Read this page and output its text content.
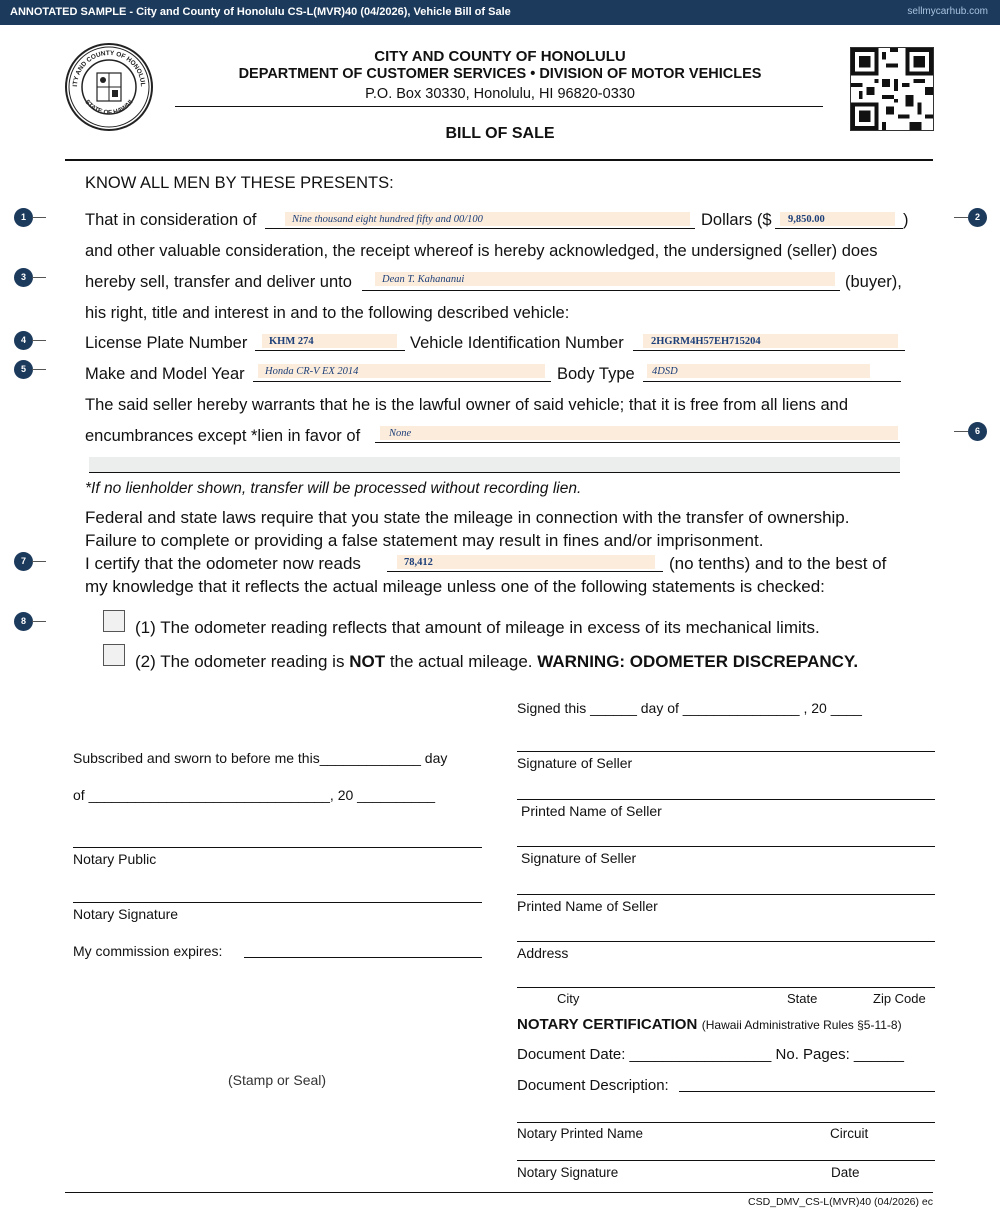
ANNOTATED SAMPLE - City and County of Honolulu CS-L(MVR)40 (04/2026), Vehicle Bill of Sale	sellmycarhub.com
ITY AND COUNTY OF HONOLUL
STATE OF HAWAII
CITY AND COUNTY OF HONOLULU
DEPARTMENT OF CUSTOMER SERVICES • DIVISION OF MOTOR VEHICLES
P.O. Box 30330, Honolulu, HI 96820-0330
BILL OF SALE
KNOW ALL MEN BY THESE PRESENTS:
That in consideration of	Nine thousand eight hundred fifty and 00/100	Dollars ($ 9,850.00	)
and other valuable consideration, the receipt whereof is hereby acknowledged, the undersigned (seller) does
hereby sell, transfer and deliver unto	Dean T. Kahananui	(buyer),
his right, title and interest in and to the following described vehicle:
License Plate Number KHM 274	Vehicle Identification Number	2HGRM4H57EH715204
Make and Model Year Honda CR-V EX 2014	Body Type 4DSD
The said seller hereby warrants that he is the lawful owner of said vehicle; that it is free from all liens and
encumbrances except *lien in favor of	None
*If no lienholder shown, transfer will be processed without recording lien.
Federal and state laws require that you state the mileage in connection with the transfer of ownership.
Failure to complete or providing a false statement may result in fines and/or imprisonment.
I certify that the odometer now reads	78,412	(no tenths) and to the best of
my knowledge that it reflects the actual mileage unless one of the following statements is checked:
(1) The odometer reading reflects that amount of mileage in excess of its mechanical limits.
(2) The odometer reading is NOT the actual mileage. WARNING: ODOMETER DISCREPANCY.
1	2
3
4
5
6
7
8
Signed this ______ day of _______________ , 20 ____
Signature of Seller
Printed Name of Seller
Signature of Seller
Printed Name of Seller
Address
City	State	Zip Code
NOTARY CERTIFICATION (Hawaii Administrative Rules §5-11-8)
Document Date: _________________ No. Pages: ______
Document Description:
Notary Printed Name	Circuit
Notary Signature	Date
Subscribed and sworn to before me this_____________ day
of _______________________________, 20 __________
Notary Public
Notary Signature
My commission expires:
(Stamp or Seal)
CSD_DMV_CS-L(MVR)40 (04/2026) ec
